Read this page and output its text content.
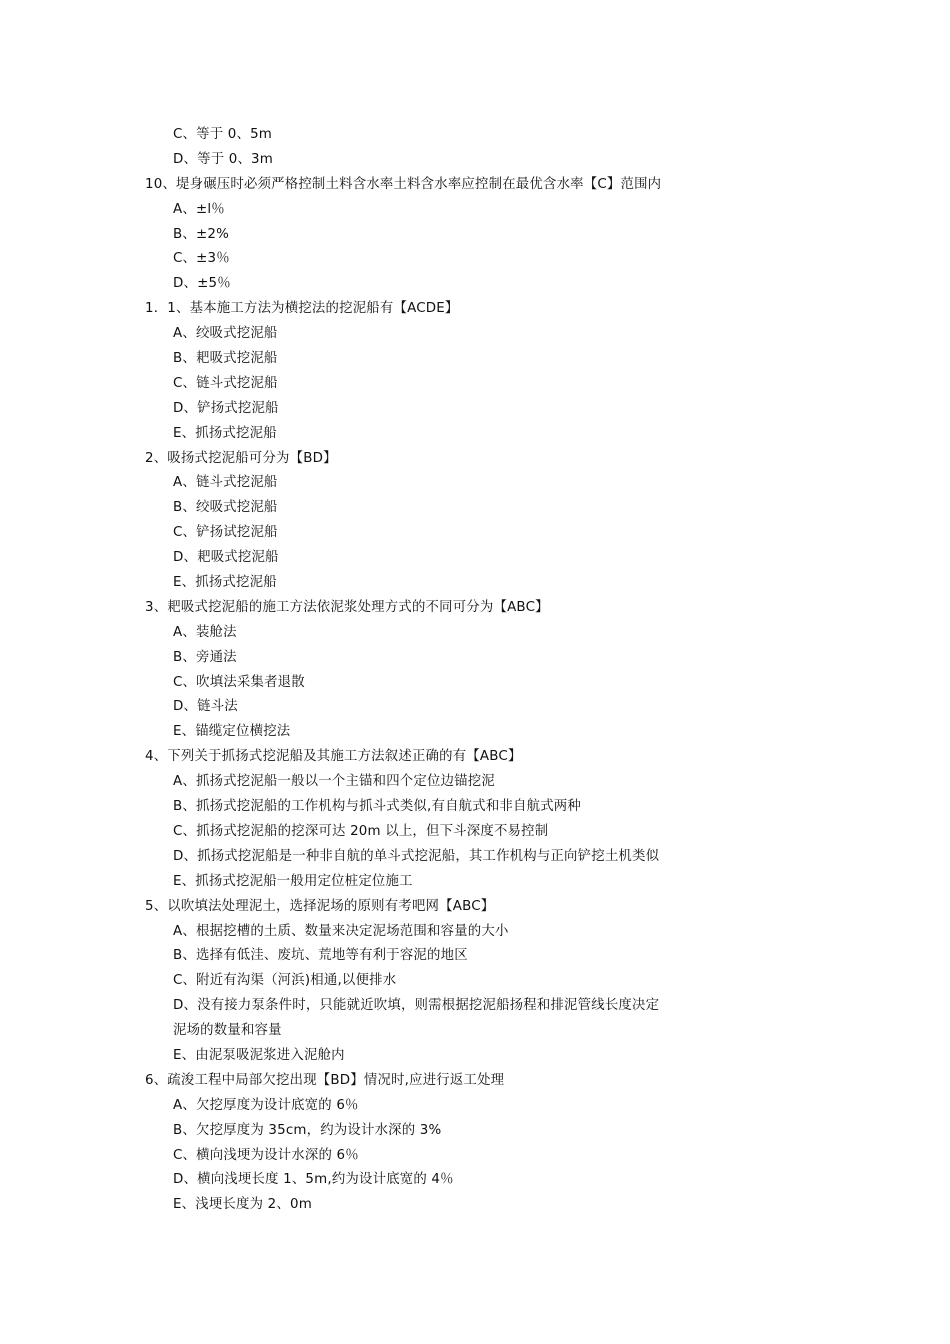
C、等于 0、5m
D、等于 0、3m
10、堤身碾压时必须严格控制土料含水率土料含水率应控制在最优含水率【C】范围内
A、±l％
B、±2%
C、±3％
D、±5％
1．1、基本施工方法为横挖法的挖泥船有【ACDE】
A、绞吸式挖泥船
B、耙吸式挖泥船
C、链斗式挖泥船
D、铲扬式挖泥船
E、抓扬式挖泥船
2、吸扬式挖泥船可分为【BD】
A、链斗式挖泥船
B、绞吸式挖泥船
C、铲扬试挖泥船
D、耙吸式挖泥船
E、抓扬式挖泥船
3、耙吸式挖泥船的施工方法依泥浆处理方式的不同可分为【ABC】
A、装舱法
B、旁通法
C、吹填法采集者退散
D、链斗法
E、锚缆定位横挖法
4、下列关于抓扬式挖泥船及其施工方法叙述正确的有【ABC】
A、抓扬式挖泥船一般以一个主锚和四个定位边锚挖泥
B、抓扬式挖泥船的工作机构与抓斗式类似,有自航式和非自航式两种
C、抓扬式挖泥船的挖深可达 20m 以上，但下斗深度不易控制
D、抓扬式挖泥船是一种非自航的单斗式挖泥船，其工作机构与正向铲挖土机类似
E、抓扬式挖泥船一般用定位桩定位施工
5、以吹填法处理泥土，选择泥场的原则有考吧网【ABC】
A、根据挖槽的土质、数量来决定泥场范围和容量的大小
B、选择有低洼、废坑、荒地等有利于容泥的地区
C、附近有沟渠（河浜)相通,以便排水
D、没有接力泵条件时，只能就近吹填，则需根据挖泥船扬程和排泥管线长度决定
泥场的数量和容量
E、由泥泵吸泥浆进入泥舱内
6、疏浚工程中局部欠挖出现【BD】情况时,应进行返工处理
A、欠挖厚度为设计底宽的 6％
B、欠挖厚度为 35cm，约为设计水深的 3%
C、横向浅埂为设计水深的 6％
D、横向浅埂长度 1、5m,约为设计底宽的 4％
E、浅埂长度为 2、0m
